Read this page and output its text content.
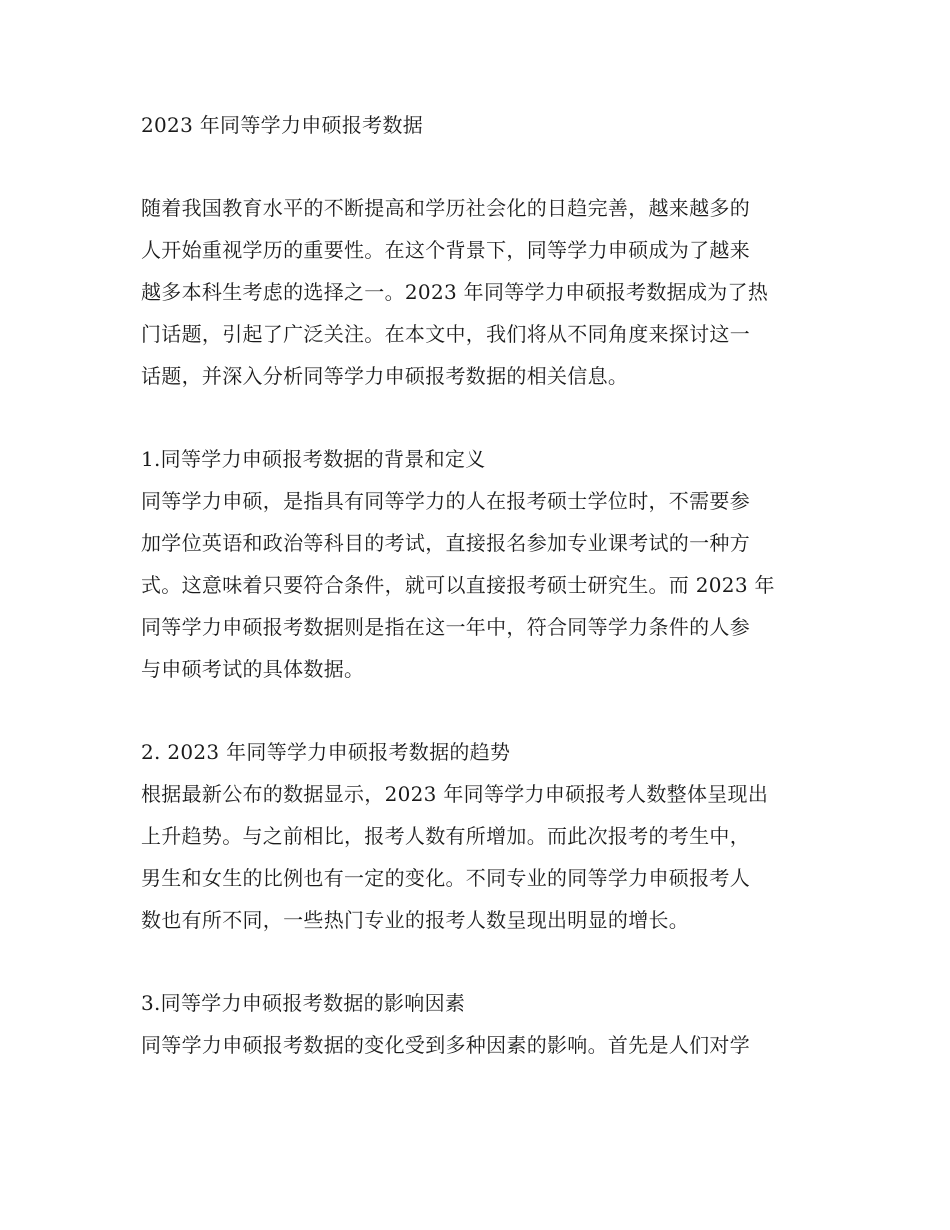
2023 年同等学力申硕报考数据
随着我国教育水平的不断提高和学历社会化的日趋完善，越来越多的
人开始重视学历的重要性。在这个背景下，同等学力申硕成为了越来
越多本科生考虑的选择之一。2023 年同等学力申硕报考数据成为了热
门话题，引起了广泛关注。在本文中，我们将从不同角度来探讨这一
话题，并深入分析同等学力申硕报考数据的相关信息。
1.同等学力申硕报考数据的背景和定义
同等学力申硕，是指具有同等学力的人在报考硕士学位时，不需要参
加学位英语和政治等科目的考试，直接报名参加专业课考试的一种方
式。这意味着只要符合条件，就可以直接报考硕士研究生。而 2023 年
同等学力申硕报考数据则是指在这一年中，符合同等学力条件的人参
与申硕考试的具体数据。
2. 2023 年同等学力申硕报考数据的趋势
根据最新公布的数据显示，2023 年同等学力申硕报考人数整体呈现出
上升趋势。与之前相比，报考人数有所增加。而此次报考的考生中，
男生和女生的比例也有一定的变化。不同专业的同等学力申硕报考人
数也有所不同，一些热门专业的报考人数呈现出明显的增长。
3.同等学力申硕报考数据的影响因素
同等学力申硕报考数据的变化受到多种因素的影响。首先是人们对学
